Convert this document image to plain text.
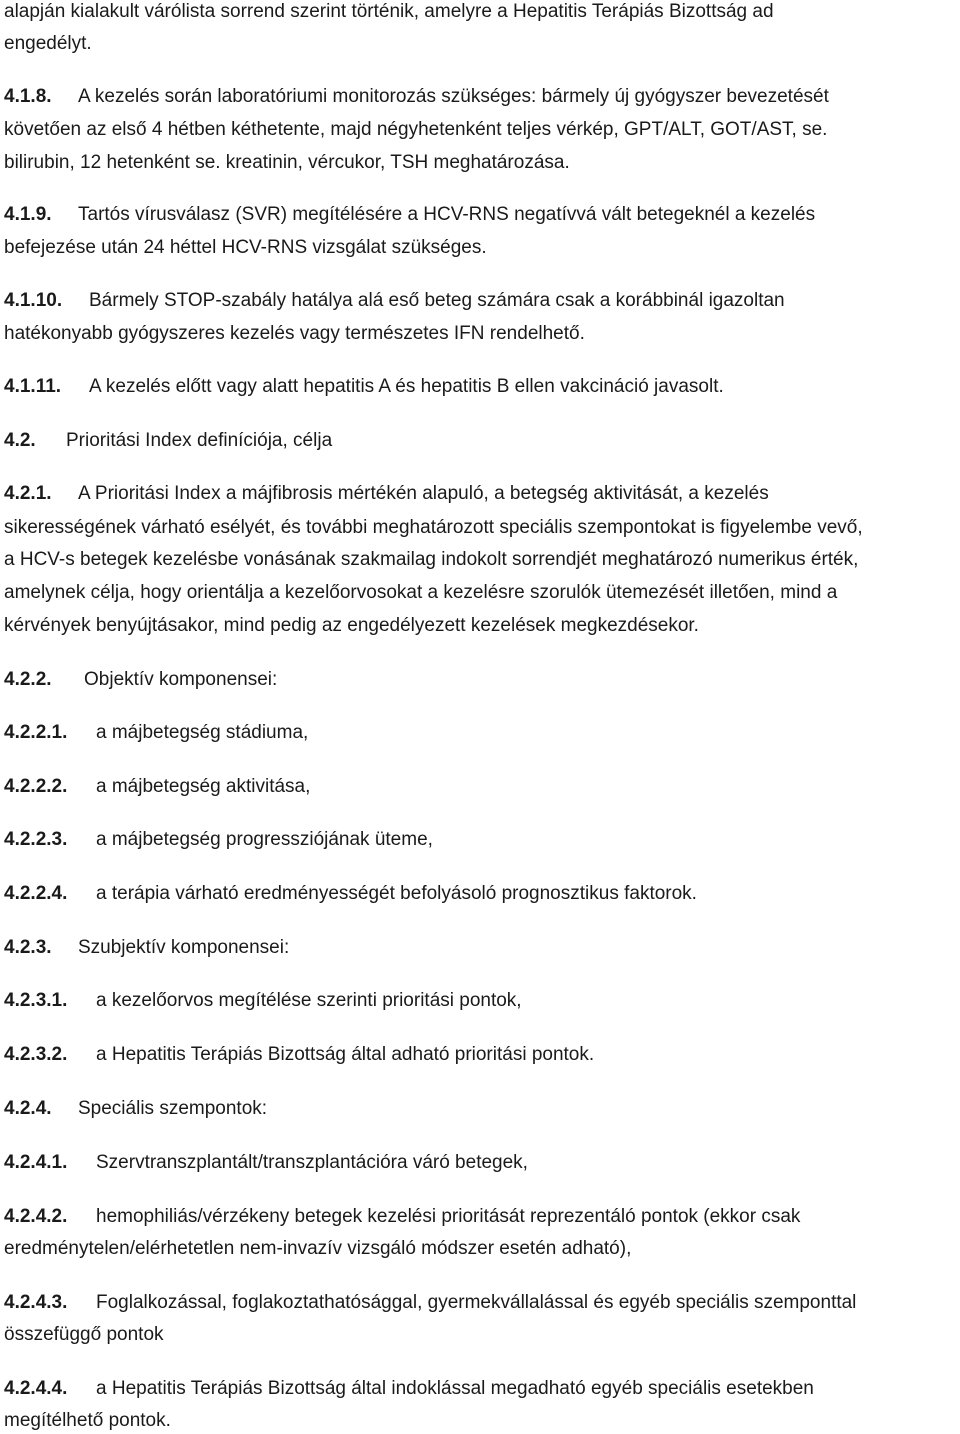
alapján kialakult várólista sorrend szerint történik, amelyre a Hepatitis Terápiás Bizottság ad
engedélyt.
4.1.8. A kezelés során laboratóriumi monitorozás szükséges: bármely új gyógyszer bevezetését
követően az első 4 hétben kéthetente, majd négyhetenként teljes vérkép, GPT/ALT, GOT/AST, se.
bilirubin, 12 hetenként se. kreatinin, vércukor, TSH meghatározása.
4.1.9. Tartós vírusválasz (SVR) megítélésére a HCV-RNS negatívvá vált betegeknél a kezelés
befejezése után 24 héttel HCV-RNS vizsgálat szükséges.
4.1.10. Bármely STOP-szabály hatálya alá eső beteg számára csak a korábbinál igazoltan
hatékonyabb gyógyszeres kezelés vagy természetes IFN rendelhető.
4.1.11. A kezelés előtt vagy alatt hepatitis A és hepatitis B ellen vakcináció javasolt.
4.2. Prioritási Index definíciója, célja
4.2.1. A Prioritási Index a májfibrosis mértékén alapuló, a betegség aktivitását, a kezelés
sikerességének várható esélyét, és további meghatározott speciális szempontokat is figyelembe vevő,
a HCV-s betegek kezelésbe vonásának szakmailag indokolt sorrendjét meghatározó numerikus érték,
amelynek célja, hogy orientálja a kezelőorvosokat a kezelésre szorulók ütemezését illetően, mind a
kérvények benyújtásakor, mind pedig az engedélyezett kezelések megkezdésekor.
4.2.2. Objektív komponensei:
4.2.2.1. a májbetegség stádiuma,
4.2.2.2. a májbetegség aktivitása,
4.2.2.3. a májbetegség progressziójának üteme,
4.2.2.4. a terápia várható eredményességét befolyásoló prognosztikus faktorok.
4.2.3. Szubjektív komponensei:
4.2.3.1. a kezelőorvos megítélése szerinti prioritási pontok,
4.2.3.2. a Hepatitis Terápiás Bizottság által adható prioritási pontok.
4.2.4. Speciális szempontok:
4.2.4.1. Szervtranszplantált/transzplantációra váró betegek,
4.2.4.2. hemophiliás/vérzékeny betegek kezelési prioritását reprezentáló pontok (ekkor csak
eredménytelen/elérhetetlen nem-invazív vizsgáló módszer esetén adható),
4.2.4.3. Foglalkozással, foglakoztathatósággal, gyermekvállalással és egyéb speciális szemponttal
összefüggő pontok
4.2.4.4. a Hepatitis Terápiás Bizottság által indoklással megadható egyéb speciális esetekben
megítélhető pontok.
